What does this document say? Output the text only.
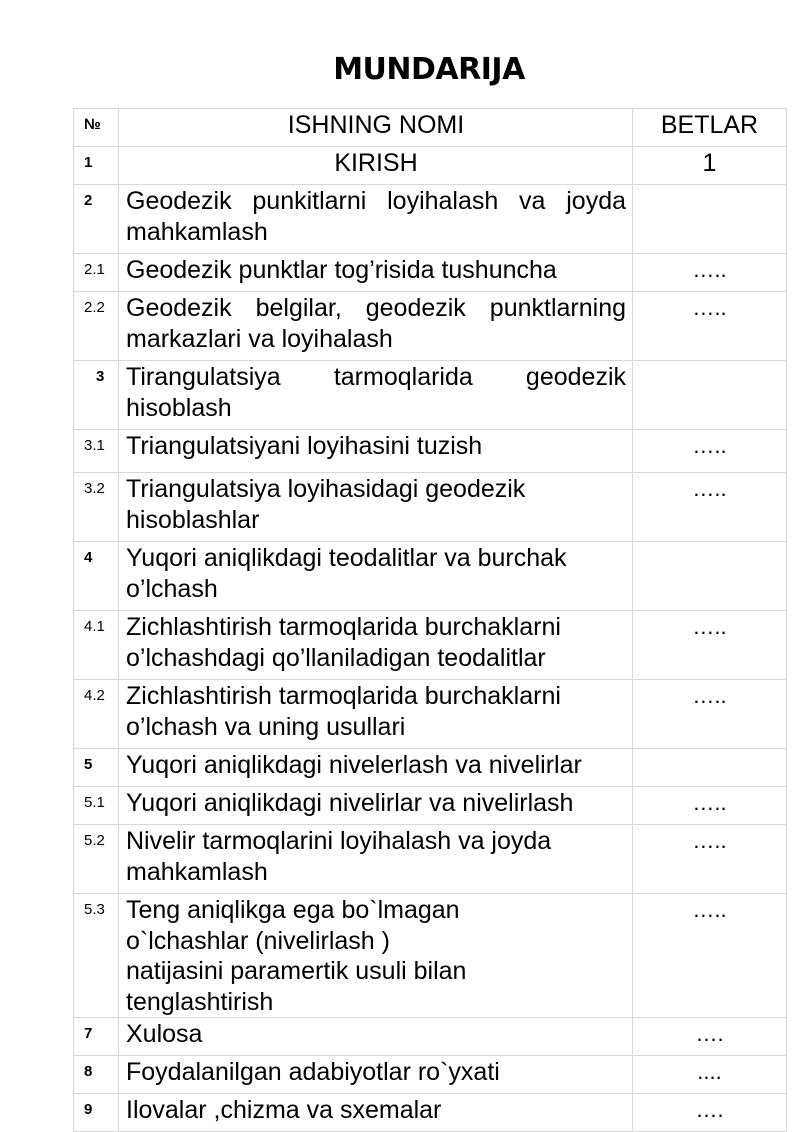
MUNDARIJA
№	ISHNING NOMI	BETLAR
1	KIRISH	1
2	Geodezik punkitlarni loyihalash va joyda mahkamlash	
2.1	Geodezik punktlar tog’risida tushuncha	…..
2.2	Geodezik belgilar, geodezik punktlarning markazlari va loyihalash	…..
3	Tirangulatsiya tarmoqlarida geodezik hisoblash	
3.1	Triangulatsiyani loyihasini tuzish	…..
3.2	Triangulatsiya loyihasidagi geodezik hisoblashlar	…..
4	Yuqori aniqlikdagi teodalitlar va burchak o’lchash	
4.1	Zichlashtirish tarmoqlarida burchaklarni o’lchashdagi qo’llaniladigan teodalitlar	…..
4.2	Zichlashtirish tarmoqlarida burchaklarni o’lchash va uning usullari	…..
5	Yuqori aniqlikdagi nivelerlash va nivelirlar	
5.1	Yuqori aniqlikdagi nivelirlar va nivelirlash	…..
5.2	Nivelir tarmoqlarini loyihalash va joyda mahkamlash	…..
5.3	Teng aniqlikga ega bo`lmagan o`lchashlar (nivelirlash ) natijasini paramertik usuli bilan tenglashtirish	…..
7	Xulosa	….
8	Foydalanilgan adabiyotlar ro`yxati	....
9	Ilovalar ,chizma va sxemalar	….
